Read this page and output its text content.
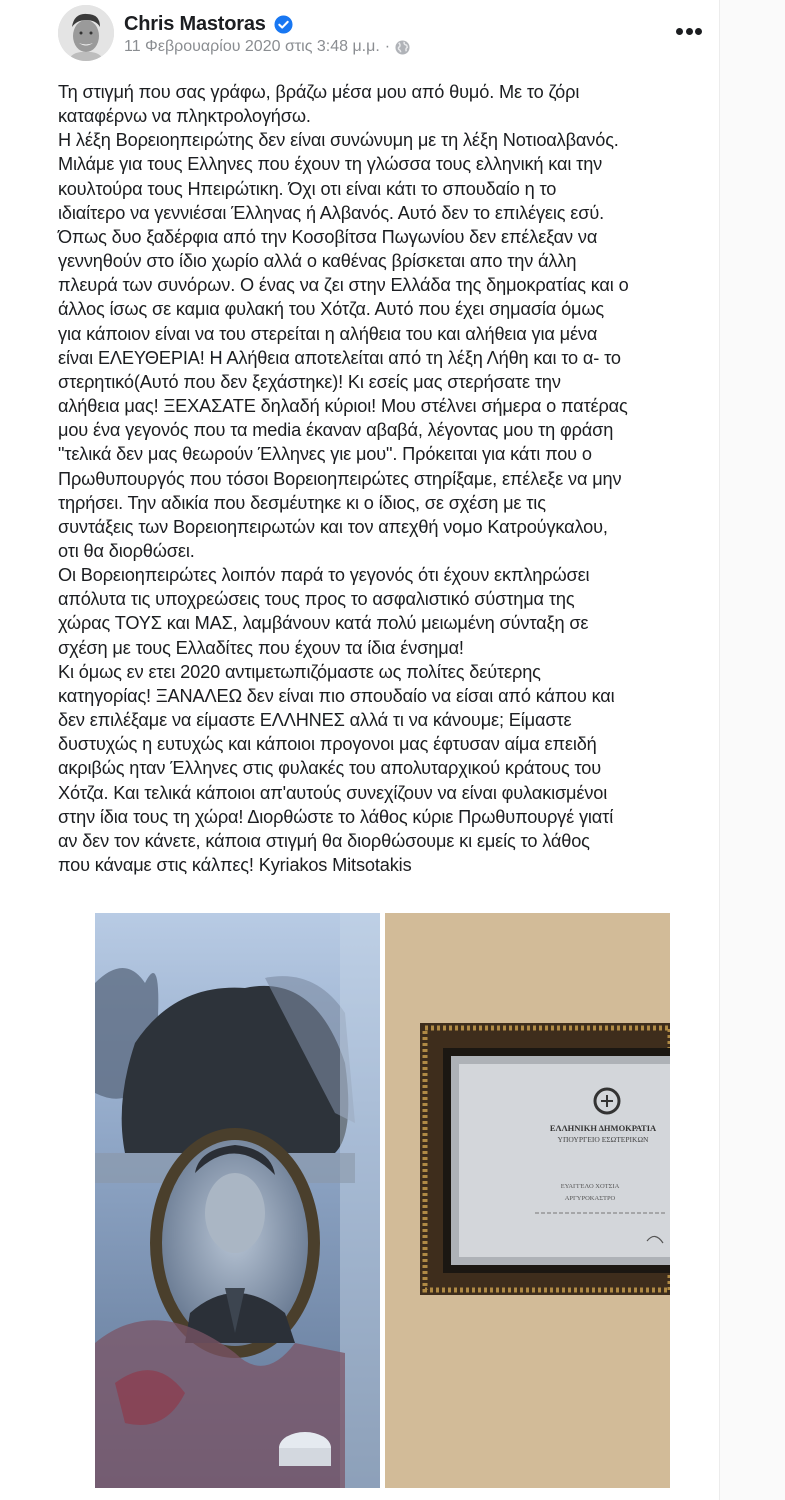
Chris Mastoras
11 Φεβρουαρίου 2020 στις 3:48 μ.μ. ·

Τη στιγμή που σας γράφω, βράζω μέσα μου από θυμό. Με το ζόρι

καταφέρνω να πληκτρολογήσω.

Η λέξη Βορειοηπειρώτης δεν είναι συνώνυμη με τη λέξη Νοτιοαλβανός.

Μιλάμε για τους Ελληνες που έχουν τη γλώσσα τους ελληνική και την

κουλτούρα τους Ηπειρώτικη. Όχι οτι είναι κάτι το σπουδαίο η το

ιδιαίτερο να γεννιέσαι Έλληνας ή Αλβανός. Αυτό δεν το επιλέγεις εσύ.

Όπως δυο ξαδέρφια από την Κοσοβίτσα Πωγωνίου δεν επέλεξαν να

γεννηθούν στο ίδιο χωρίο αλλά ο καθένας βρίσκεται απο την άλλη

πλευρά των συνόρων. Ο ένας να ζει στην Ελλάδα της δημοκρατίας και ο

άλλος ίσως σε καμια φυλακή του Χότζα. Αυτό που έχει σημασία όμως

για κάποιον είναι να του στερείται η αλήθεια του και αλήθεια για μένα

είναι ΕΛΕΥΘΕΡΙΑ! Η Αλήθεια αποτελείται από τη λέξη Λήθη και το α- το

στερητικό(Αυτό που δεν ξεχάστηκε)! Κι εσείς μας στερήσατε την

αλήθεια μας! ΞΕΧΑΣΑΤΕ δηλαδή κύριοι! Μου στέλνει σήμερα ο πατέρας

μου ένα γεγονός που τα media έκαναν αβαβά, λέγοντας μου τη φράση

"τελικά δεν μας θεωρούν Έλληνες γιε μου". Πρόκειται για κάτι που ο

Πρωθυπουργός που τόσοι Βορειοηπειρώτες στηρίξαμε, επέλεξε να μην

τηρήσει. Την αδικία που δεσμέυτηκε κι ο ίδιος, σε σχέση με τις

συντάξεις των Βορειοηπειρωτών και τον απεχθή νομο Κατρούγκαλου,

οτι θα διορθώσει.

Οι Βορειοηπειρώτες λοιπόν παρά το γεγονός ότι έχουν εκπληρώσει

απόλυτα τις υποχρεώσεις τους προς το ασφαλιστικό σύστημα της

χώρας ΤΟΥΣ και ΜΑΣ, λαμβάνουν κατά πολύ μειωμένη σύνταξη σε

σχέση με τους Ελλαδίτες που έχουν τα ίδια ένσημα!

Κι όμως εν ετει 2020 αντιμετωπιζόμαστε ως πολίτες δεύτερης

κατηγορίας! ΞΑΝΑΛΕΩ δεν είναι πιο σπουδαίο να είσαι από κάπου και

δεν επιλέξαμε να είμαστε ΕΛΛΗΝΕΣ αλλά τι να κάνουμε; Είμαστε

δυστυχώς η ευτυχώς και κάποιοι προγονοι μας έφτυσαν αίμα επειδή

ακριβώς ηταν Έλληνες στις φυλακές του απολυταρχικού κράτους του

Χότζα. Και τελικά κάποιοι απ'αυτούς συνεχίζουν να είναι φυλακισμένοι

στην ίδια τους τη χώρα! Διορθώστε το λάθος κύριε Πρωθυπουργέ γιατί

αν δεν τον κάνετε, κάποια στιγμή θα διορθώσουμε κι εμείς το λάθος

που κάναμε στις κάλπες! Kyriakos Mitsotakis

ΕΛΛΗΝΙΚΗ ΔΗΜΟΚΡΑΤΙΑ
ΥΠΟΥΡΓΕΙΟ ΕΣΩΤΕΡΙΚΩΝ
ΕΥΑΓΓΕΛΟ ΧΟΤΣΙΑ
ΑΡΓΥΡΟΚΑΣΤΡΟ
